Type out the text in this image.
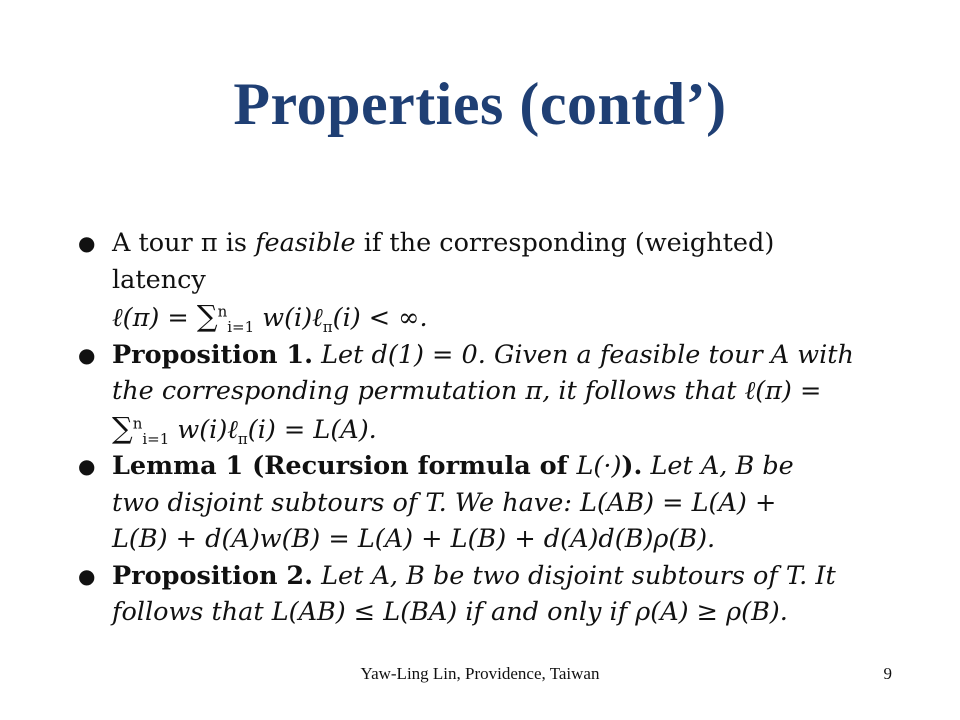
Properties (contd’)
● A tour π is feasible if the corresponding (weighted) latency
ℓ(π) = ∑$^n_{i=1}$ w(i)ℓ$_\pi$(i) < ∞.
● Proposition 1. Let d(1) = 0. Given a feasible tour A with
the corresponding permutation π, it follows that ℓ(π) =
∑$^n_{i=1}$ w(i)ℓ$_\pi$(i) = L(A).
● Lemma 1 (Recursion formula of L(·)). Let A, B be
two disjoint subtours of T. We have: L(AB) = L(A) +
L(B) + d(A)w(B) = L(A) + L(B) + d(A)d(B)ρ(B).
● Proposition 2. Let A, B be two disjoint subtours of T. It
follows that L(AB) ≤ L(BA) if and only if ρ(A) ≥ ρ(B).
Yaw-Ling Lin, Providence, Taiwan	9
